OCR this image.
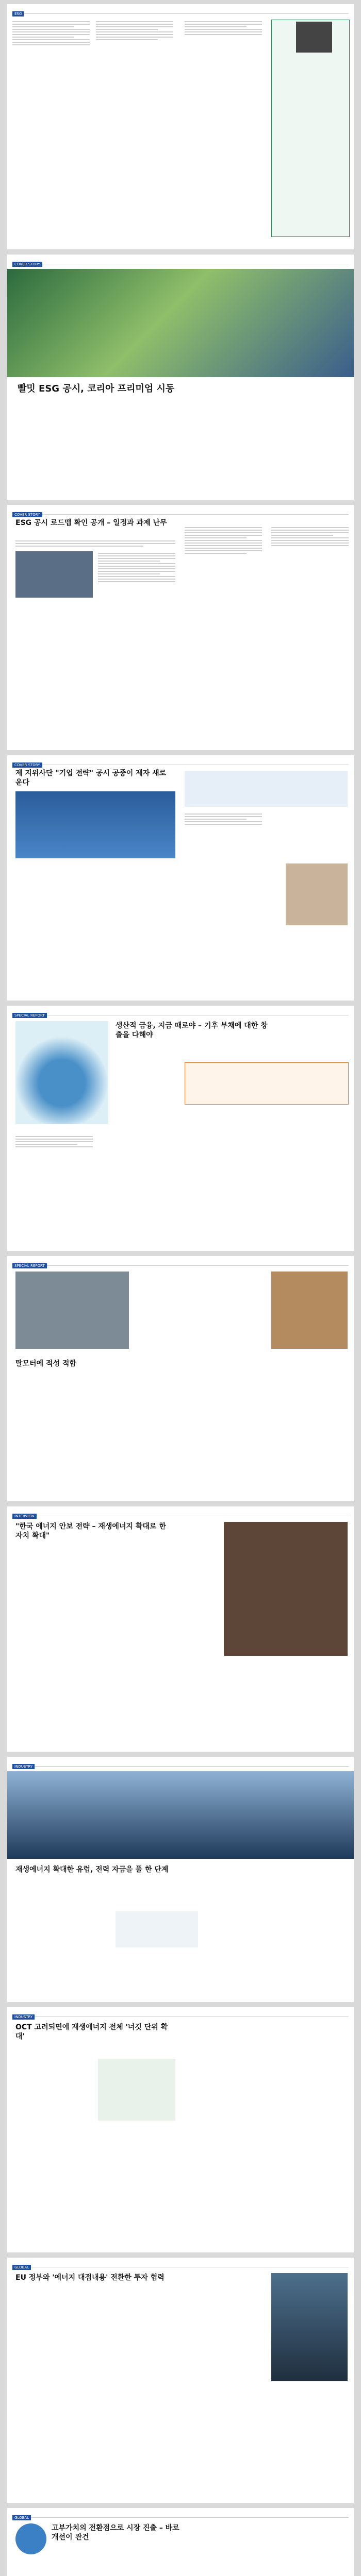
ESG
COVER STORY
빨밋 ESG 공시, 코리아 프리미엄 시동
COVER STORY
ESG 공시 로드맵 확인 공개 – 일정과 과제 난무
COVER STORY
제 지위사단 "기업 전략" 공시 공중이 제자 새로운다
SPECIAL REPORT
생산적 금융, 지금 때로야 – 기후 부채에 대한 창출을 다해야
SPECIAL REPORT
탈모터에 적성 적합
INTERVIEW
"한국 에너지 안보 전략 – 재생에너지 확대로 한 자치 확대"
INDUSTRY
재생에너지 확대한 유럽, 전력 자금을 풀 한 단계
INDUSTRY
OCT 고려되면에 재생에너지 전체 '너깃 단위 확대'
GLOBAL
EU 정부와 '에너지 대접내용' 전환한 투자 협력
GLOBAL
고부가치의 전환점으로 시장 진출 – 바로 개선이 관건
